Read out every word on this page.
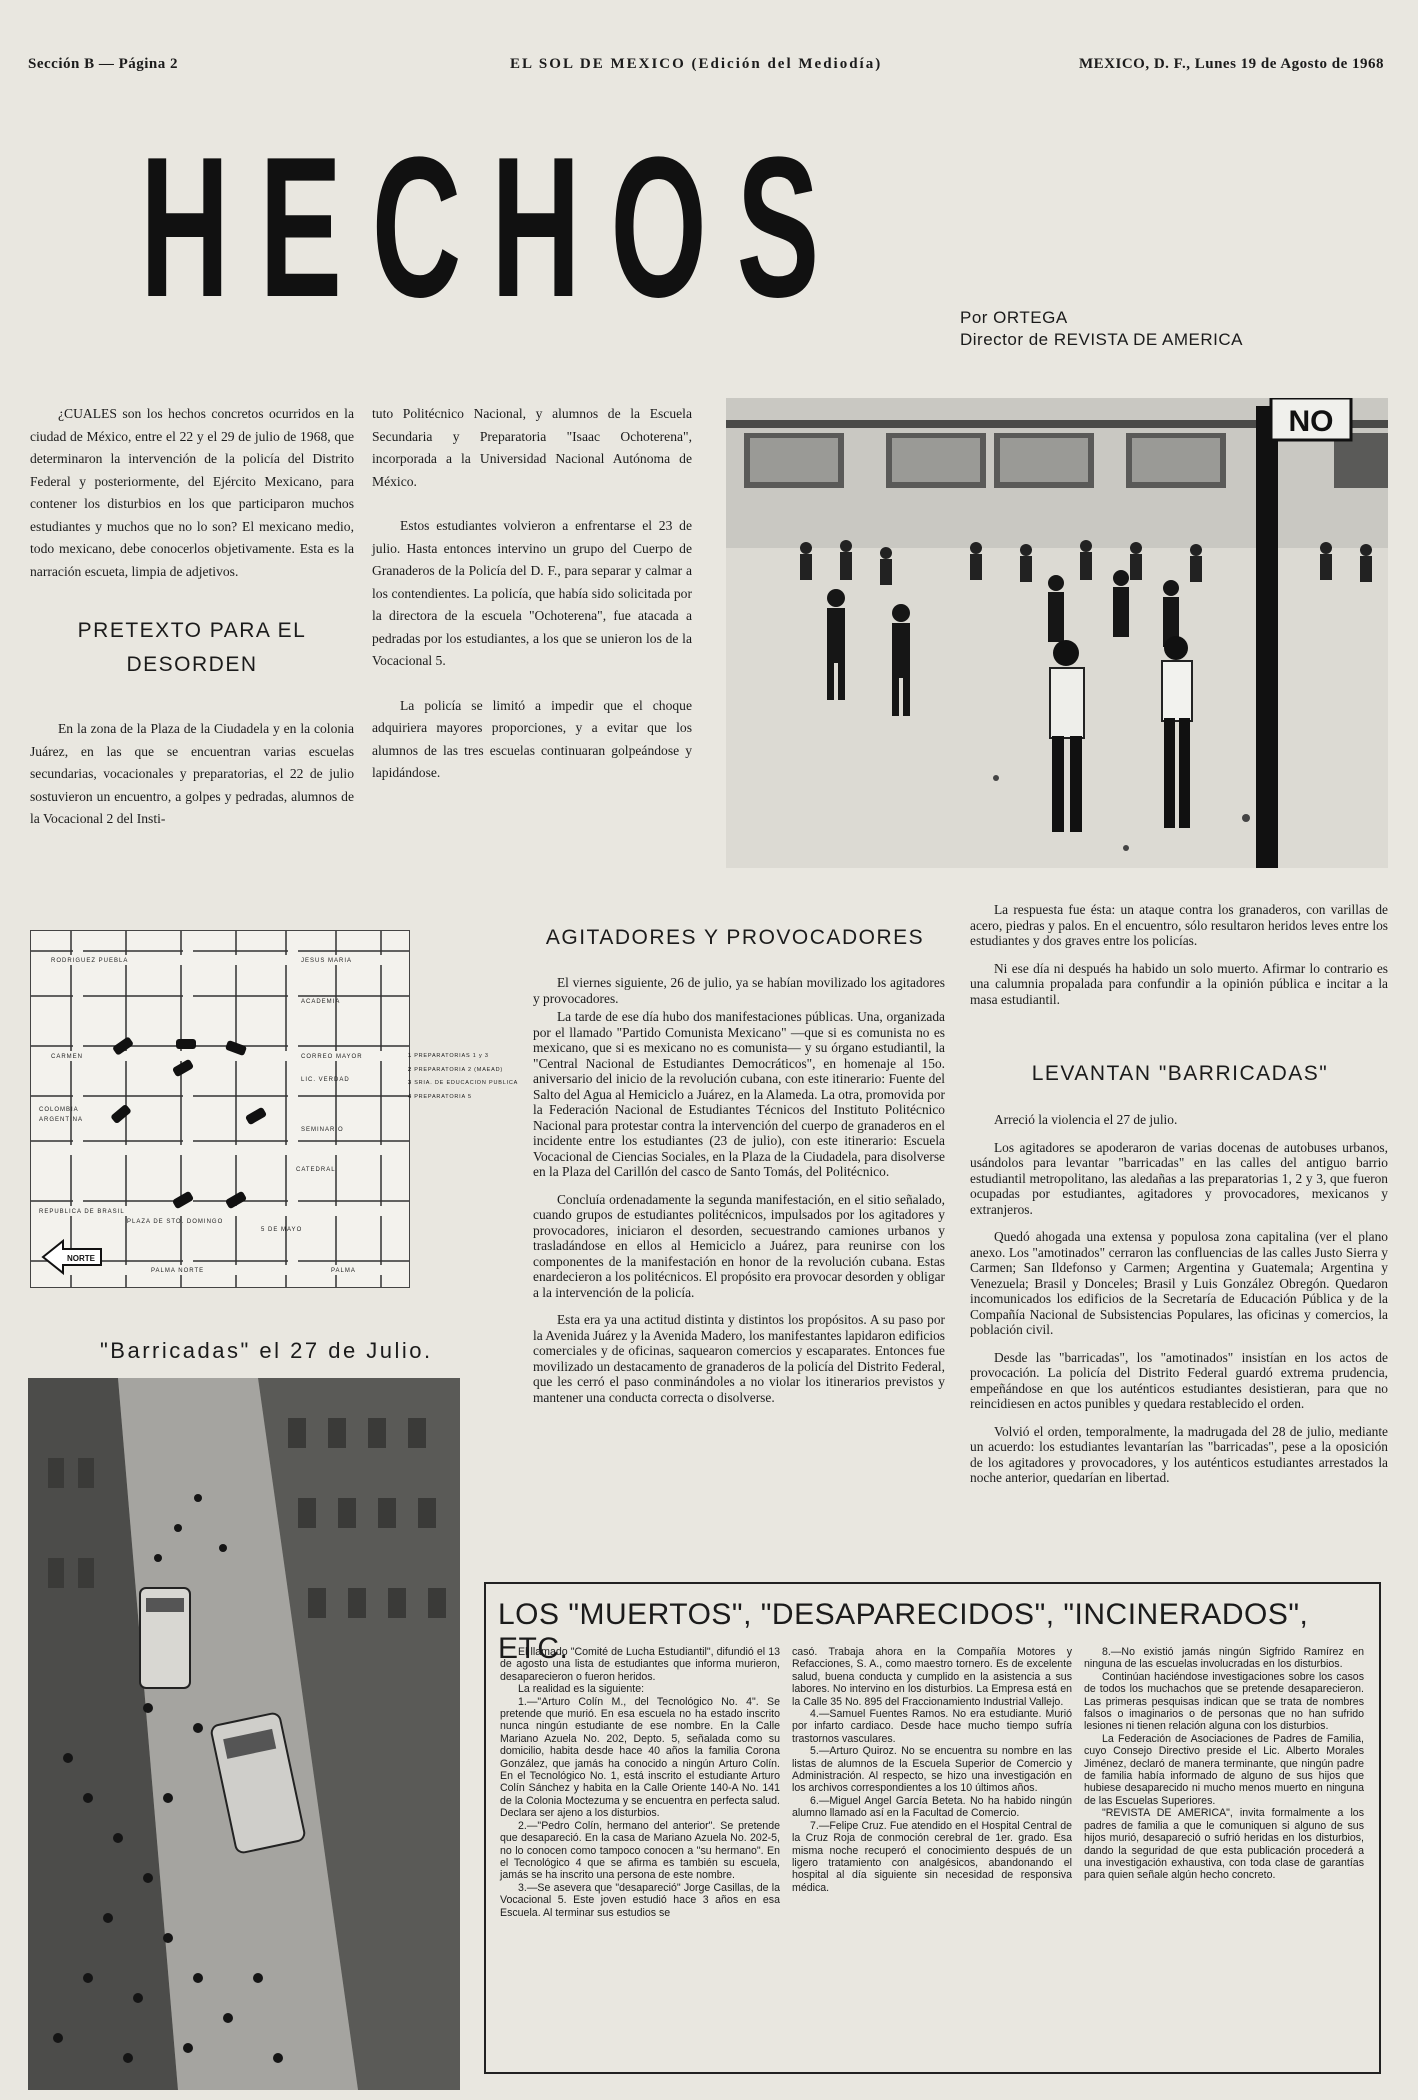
Sección B — Página 2	EL SOL DE MEXICO (Edición del Mediodía)	MEXICO, D. F., Lunes 19 de Agosto de 1968
HECHOS	Por ORTEGA
Director de REVISTA DE AMERICA

¿CUALES son los hechos concretos ocurridos en la ciudad de México, entre el 22 y el 29 de julio de 1968, que determinaron la intervención de la policía del Distrito Federal y posteriormente, del Ejército Mexicano, para contener los disturbios en los que participaron muchos estudiantes y muchos que no lo son? El mexicano medio, todo mexicano, debe conocerlos objetivamente. Esta es la narración escueta, limpia de adjetivos.

PRETEXTO PARA EL DESORDEN

En la zona de la Plaza de la Ciudadela y en la colonia Juárez, en las que se encuentran varias escuelas secundarias, vocacionales y preparatorias, el 22 de julio sostuvieron un encuentro, a golpes y pedradas, alumnos de la Vocacional 2 del Insti-

tuto Politécnico Nacional, y alumnos de la Escuela Secundaria y Preparatoria "Isaac Ochoterena", incorporada a la Universidad Nacional Autónoma de México.

Estos estudiantes volvieron a enfrentarse el 23 de julio. Hasta entonces intervino un grupo del Cuerpo de Granaderos de la Policía del D. F., para separar y calmar a los contendientes. La policía, que había sido solicitada por la directora de la escuela "Ochoterena", fue atacada a pedradas por los estudiantes, a los que se unieron los de la Vocacional 5.

La policía se limitó a impedir que el choque adquiriera mayores proporciones, y a evitar que los alumnos de las tres escuelas continuaran golpeándose y lapidándose.

NO
RODRIGUEZ PUEBLA	JESUS MARIA
ACADEMIA
CARMEN	CORREO MAYOR
COLOMBIA
LIC. VERDAD
ARGENTINA
SEMINARIO
CATEDRAL
REPUBLICA DE BRASIL
PLAZA DE STO. DOMINGO
PALMA NORTE	PALMA
5 DE MAYO
NORTE
1 PREPARATORIAS 1 y 3
2 PREPARATORIA 2 (MAEAD)
3 SRIA. DE EDUCACION PUBLICA
4 PREPARATORIA 5
"Barricadas" el 27 de Julio.
AGITADORES Y PROVOCADORES

El viernes siguiente, 26 de julio, ya se habían movilizado los agitadores y provocadores.

La tarde de ese día hubo dos manifestaciones públicas. Una, organizada por el llamado "Partido Comunista Mexicano" —que si es comunista no es mexicano, que si es mexicano no es comunista— y su órgano estudiantil, la "Central Nacional de Estudiantes Democráticos", en homenaje al 15o. aniversario del inicio de la revolución cubana, con este itinerario: Fuente del Salto del Agua al Hemiciclo a Juárez, en la Alameda. La otra, promovida por la Federación Nacional de Estudiantes Técnicos del Instituto Politécnico Nacional para protestar contra la intervención del cuerpo de granaderos en el incidente entre los estudiantes (23 de julio), con este itinerario: Escuela Vocacional de Ciencias Sociales, en la Plaza de la Ciudadela, para disolverse en la Plaza del Carillón del casco de Santo Tomás, del Politécnico.

Concluía ordenadamente la segunda manifestación, en el sitio señalado, cuando grupos de estudiantes politécnicos, impulsados por los agitadores y provocadores, iniciaron el desorden, secuestrando camiones urbanos y trasladándose en ellos al Hemiciclo a Juárez, para reunirse con los componentes de la manifestación en honor de la revolución cubana. Estas enardecieron a los politécnicos. El propósito era provocar desorden y obligar a la intervención de la policía.

Esta era ya una actitud distinta y distintos los propósitos. A su paso por la Avenida Juárez y la Avenida Madero, los manifestantes lapidaron edificios comerciales y de oficinas, saquearon comercios y escaparates. Entonces fue movilizado un destacamento de granaderos de la policía del Distrito Federal, que les cerró el paso conminándoles a no violar los itinerarios previstos y mantener una conducta correcta o disolverse.

La respuesta fue ésta: un ataque contra los granaderos, con varillas de acero, piedras y palos. En el encuentro, sólo resultaron heridos leves entre los estudiantes y dos graves entre los policías.

Ni ese día ni después ha habido un solo muerto. Afirmar lo contrario es una calumnia propalada para confundir a la opinión pública e incitar a la masa estudiantil.

LEVANTAN "BARRICADAS"

Arreció la violencia el 27 de julio.

Los agitadores se apoderaron de varias docenas de autobuses urbanos, usándolos para levantar "barricadas" en las calles del antiguo barrio estudiantil metropolitano, las aledañas a las preparatorias 1, 2 y 3, que fueron ocupadas por estudiantes, agitadores y provocadores, mexicanos y extranjeros.

Quedó ahogada una extensa y populosa zona capitalina (ver el plano anexo. Los "amotinados" cerraron las confluencias de las calles Justo Sierra y Carmen; San Ildefonso y Carmen; Argentina y Guatemala; Argentina y Venezuela; Brasil y Donceles; Brasil y Luis González Obregón. Quedaron incomunicados los edificios de la Secretaría de Educación Pública y de la Compañía Nacional de Subsistencias Populares, las oficinas y comercios, la población civil.

Desde las "barricadas", los "amotinados" insistían en los actos de provocación. La policía del Distrito Federal guardó extrema prudencia, empeñándose en que los auténticos estudiantes desistieran, para que no reincidiesen en actos punibles y quedara restablecido el orden.

Volvió el orden, temporalmente, la madrugada del 28 de julio, mediante un acuerdo: los estudiantes levantarían las "barricadas", pese a la oposición de los agitadores y provocadores, y los auténticos estudiantes arrestados la noche anterior, quedarían en libertad.

LOS "MUERTOS", "DESAPARECIDOS", "INCINERADOS", ETC.

El llamado "Comité de Lucha Estudiantil", difundió el 13 de agosto una lista de estudiantes que informa murieron, desaparecieron o fueron heridos.

La realidad es la siguiente:

1.—"Arturo Colín M., del Tecnológico No. 4". Se pretende que murió. En esa escuela no ha estado inscrito nunca ningún estudiante de ese nombre. En la Calle Mariano Azuela No. 202, Depto. 5, señalada como su domicilio, habita desde hace 40 años la familia Corona González, que jamás ha conocido a ningún Arturo Colín. En el Tecnológico No. 1, está inscrito el estudiante Arturo Colín Sánchez y habita en la Calle Oriente 140-A No. 141 de la Colonia Moctezuma y se encuentra en perfecta salud. Declara ser ajeno a los disturbios.

2.—"Pedro Colín, hermano del anterior". Se pretende que desapareció. En la casa de Mariano Azuela No. 202-5, no lo conocen como tampoco conocen a "su hermano". En el Tecnológico 4 que se afirma es también su escuela, jamás se ha inscrito una persona de este nombre.

3.—Se asevera que "desapareció" Jorge Casillas, de la Vocacional 5. Este joven estudió hace 3 años en esa Escuela. Al terminar sus estudios se

casó. Trabaja ahora en la Compañía Motores y Refacciones, S. A., como maestro tornero. Es de excelente salud, buena conducta y cumplido en la asistencia a sus labores. No intervino en los disturbios. La Empresa está en la Calle 35 No. 895 del Fraccionamiento Industrial Vallejo.

4.—Samuel Fuentes Ramos. No era estudiante. Murió por infarto cardiaco. Desde hace mucho tiempo sufría trastornos vasculares.

5.—Arturo Quiroz. No se encuentra su nombre en las listas de alumnos de la Escuela Superior de Comercio y Administración. Al respecto, se hizo una investigación en los archivos correspondientes a los 10 últimos años.

6.—Miguel Angel García Beteta. No ha habido ningún alumno llamado así en la Facultad de Comercio.

7.—Felipe Cruz. Fue atendido en el Hospital Central de la Cruz Roja de conmoción cerebral de 1er. grado. Esa misma noche recuperó el conocimiento después de un ligero tratamiento con analgésicos, abandonando el hospital al día siguiente sin necesidad de responsiva médica.

8.—No existió jamás ningún Sigfrido Ramírez en ninguna de las escuelas involucradas en los disturbios.

Continúan haciéndose investigaciones sobre los casos de todos los muchachos que se pretende desaparecieron. Las primeras pesquisas indican que se trata de nombres falsos o imaginarios o de personas que no han sufrido lesiones ni tienen relación alguna con los disturbios.

La Federación de Asociaciones de Padres de Familia, cuyo Consejo Directivo preside el Lic. Alberto Morales Jiménez, declaró de manera terminante, que ningún padre de familia había informado de alguno de sus hijos que hubiese desaparecido ni mucho menos muerto en ninguna de las Escuelas Superiores.

"REVISTA DE AMERICA", invita formalmente a los padres de familia a que le comuniquen si alguno de sus hijos murió, desapareció o sufrió heridas en los disturbios, dando la seguridad de que esta publicación procederá a una investigación exhaustiva, con toda clase de garantías para quien señale algún hecho concreto.
